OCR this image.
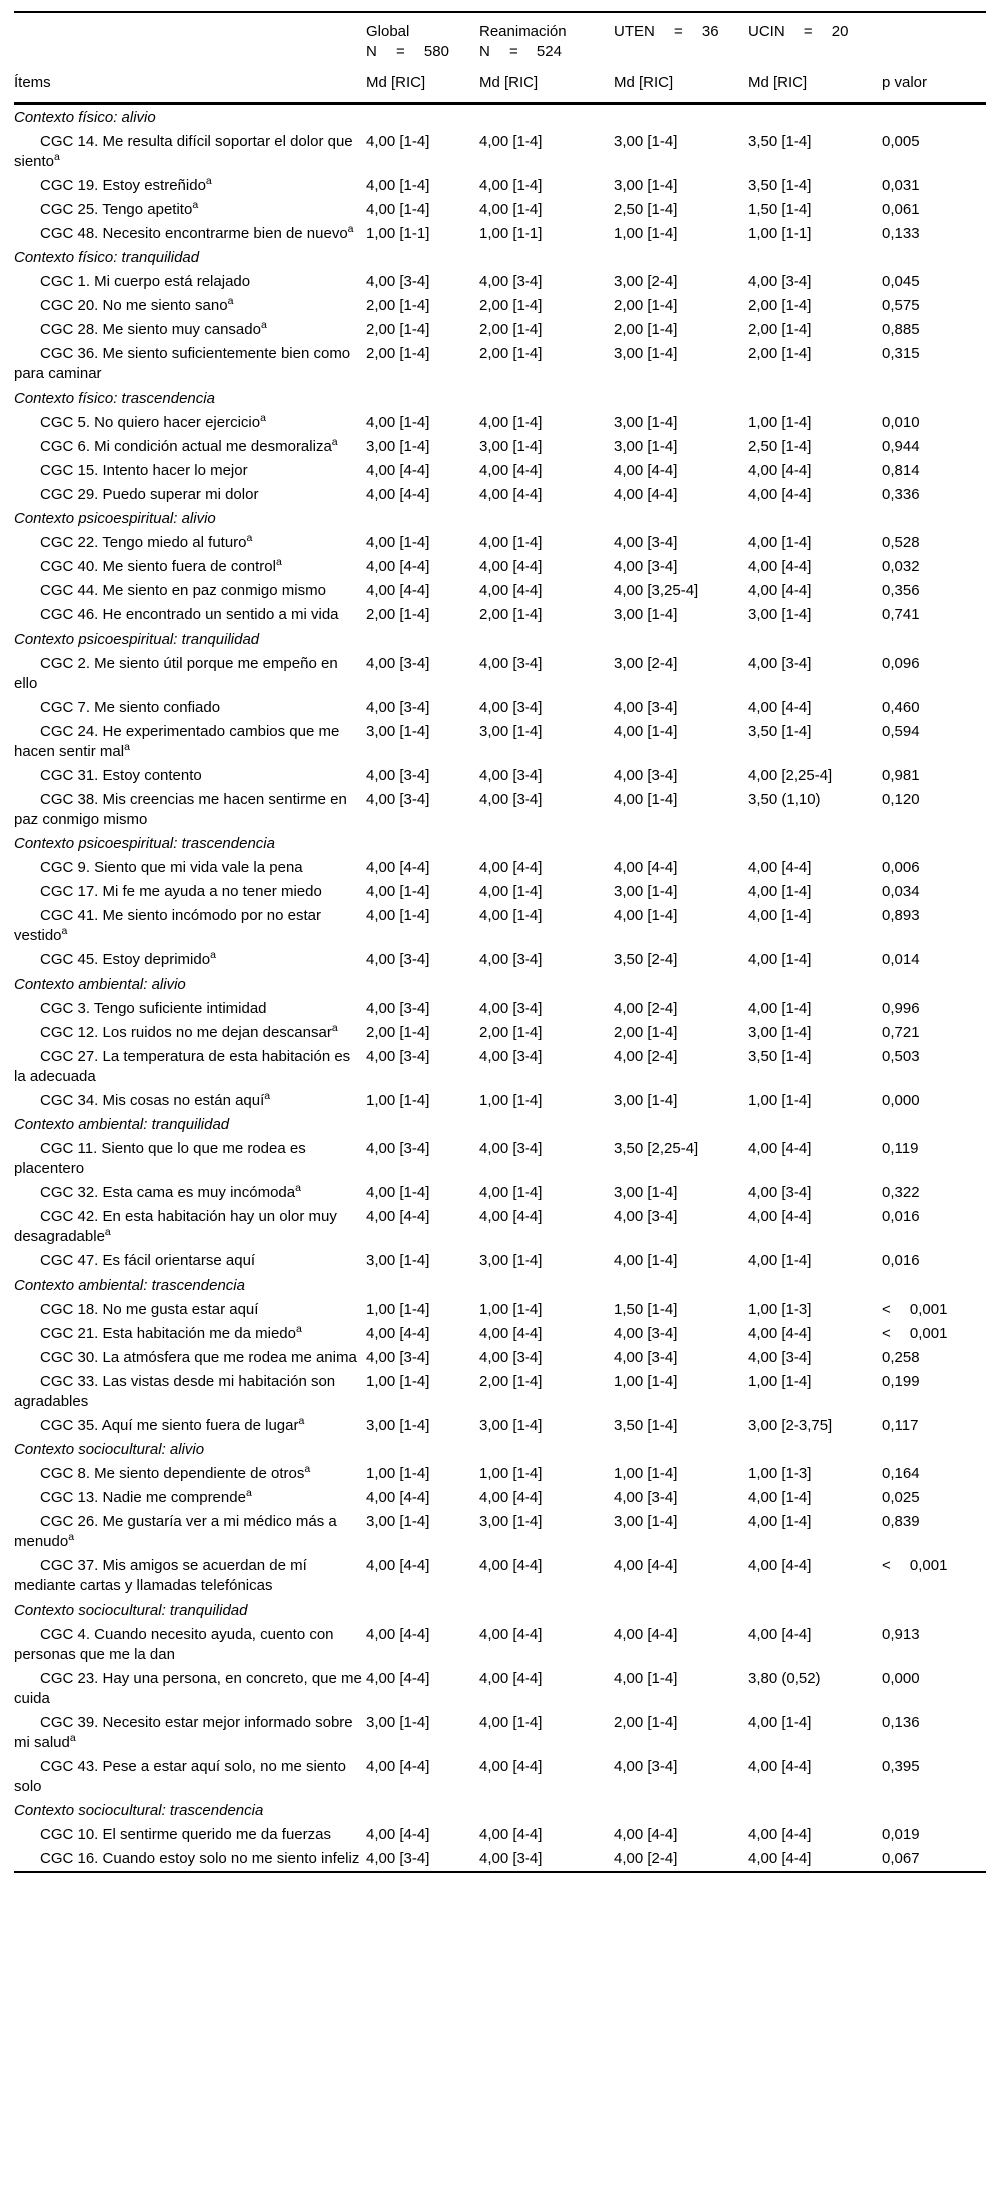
Global
N = 580

Reanimación
N = 524

UTEN = 36	UCIN = 20

Ítems	Md [RIC]	Md [RIC]	Md [RIC]	Md [RIC]	p valor
Contexto físico: alivio					
CGC 14. Me resulta difícil soportar el dolor que siento$^a$	4,00 [1-4]	4,00 [1-4]	3,00 [1-4]	3,50 [1-4]	0,005
CGC 19. Estoy estreñido$^a$	4,00 [1-4]	4,00 [1-4]	3,00 [1-4]	3,50 [1-4]	0,031
CGC 25. Tengo apetito$^a$	4,00 [1-4]	4,00 [1-4]	2,50 [1-4]	1,50 [1-4]	0,061
CGC 48. Necesito encontrarme bien de nuevo$^a$	1,00 [1-1]	1,00 [1-1]	1,00 [1-4]	1,00 [1-1]	0,133
Contexto físico: tranquilidad					
CGC 1. Mi cuerpo está relajado	4,00 [3-4]	4,00 [3-4]	3,00 [2-4]	4,00 [3-4]	0,045
CGC 20. No me siento sano$^a$	2,00 [1-4]	2,00 [1-4]	2,00 [1-4]	2,00 [1-4]	0,575
CGC 28. Me siento muy cansado$^a$	2,00 [1-4]	2,00 [1-4]	2,00 [1-4]	2,00 [1-4]	0,885
CGC 36. Me siento suficientemente bien como para caminar	2,00 [1-4]	2,00 [1-4]	3,00 [1-4]	2,00 [1-4]	0,315
Contexto físico: trascendencia					
CGC 5. No quiero hacer ejercicio$^a$	4,00 [1-4]	4,00 [1-4]	3,00 [1-4]	1,00 [1-4]	0,010
CGC 6. Mi condición actual me desmoraliza$^a$	3,00 [1-4]	3,00 [1-4]	3,00 [1-4]	2,50 [1-4]	0,944
CGC 15. Intento hacer lo mejor	4,00 [4-4]	4,00 [4-4]	4,00 [4-4]	4,00 [4-4]	0,814
CGC 29. Puedo superar mi dolor	4,00 [4-4]	4,00 [4-4]	4,00 [4-4]	4,00 [4-4]	0,336
Contexto psicoespiritual: alivio					
CGC 22. Tengo miedo al futuro$^a$	4,00 [1-4]	4,00 [1-4]	4,00 [3-4]	4,00 [1-4]	0,528
CGC 40. Me siento fuera de control$^a$	4,00 [4-4]	4,00 [4-4]	4,00 [3-4]	4,00 [4-4]	0,032
CGC 44. Me siento en paz conmigo mismo	4,00 [4-4]	4,00 [4-4]	4,00 [3,25-4]	4,00 [4-4]	0,356
CGC 46. He encontrado un sentido a mi vida	2,00 [1-4]	2,00 [1-4]	3,00 [1-4]	3,00 [1-4]	0,741
Contexto psicoespiritual: tranquilidad					
CGC 2. Me siento útil porque me empeño en ello	4,00 [3-4]	4,00 [3-4]	3,00 [2-4]	4,00 [3-4]	0,096
CGC 7. Me siento confiado	4,00 [3-4]	4,00 [3-4]	4,00 [3-4]	4,00 [4-4]	0,460
CGC 24. He experimentado cambios que me hacen sentir mal$^a$	3,00 [1-4]	3,00 [1-4]	4,00 [1-4]	3,50 [1-4]	0,594
CGC 31. Estoy contento	4,00 [3-4]	4,00 [3-4]	4,00 [3-4]	4,00 [2,25-4]	0,981
CGC 38. Mis creencias me hacen sentirme en paz conmigo mismo	4,00 [3-4]	4,00 [3-4]	4,00 [1-4]	3,50 (1,10)	0,120
Contexto psicoespiritual: trascendencia					
CGC 9. Siento que mi vida vale la pena	4,00 [4-4]	4,00 [4-4]	4,00 [4-4]	4,00 [4-4]	0,006
CGC 17. Mi fe me ayuda a no tener miedo	4,00 [1-4]	4,00 [1-4]	3,00 [1-4]	4,00 [1-4]	0,034
CGC 41. Me siento incómodo por no estar vestido$^a$	4,00 [1-4]	4,00 [1-4]	4,00 [1-4]	4,00 [1-4]	0,893
CGC 45. Estoy deprimido$^a$	4,00 [3-4]	4,00 [3-4]	3,50 [2-4]	4,00 [1-4]	0,014
Contexto ambiental: alivio					
CGC 3. Tengo suficiente intimidad	4,00 [3-4]	4,00 [3-4]	4,00 [2-4]	4,00 [1-4]	0,996
CGC 12. Los ruidos no me dejan descansar$^a$	2,00 [1-4]	2,00 [1-4]	2,00 [1-4]	3,00 [1-4]	0,721
CGC 27. La temperatura de esta habitación es la adecuada	4,00 [3-4]	4,00 [3-4]	4,00 [2-4]	3,50 [1-4]	0,503
CGC 34. Mis cosas no están aquí$^a$	1,00 [1-4]	1,00 [1-4]	3,00 [1-4]	1,00 [1-4]	0,000
Contexto ambiental: tranquilidad					
CGC 11. Siento que lo que me rodea es placentero	4,00 [3-4]	4,00 [3-4]	3,50 [2,25-4]	4,00 [4-4]	0,119
CGC 32. Esta cama es muy incómoda$^a$	4,00 [1-4]	4,00 [1-4]	3,00 [1-4]	4,00 [3-4]	0,322
CGC 42. En esta habitación hay un olor muy desagradable$^a$	4,00 [4-4]	4,00 [4-4]	4,00 [3-4]	4,00 [4-4]	0,016
CGC 47. Es fácil orientarse aquí	3,00 [1-4]	3,00 [1-4]	4,00 [1-4]	4,00 [1-4]	0,016
Contexto ambiental: trascendencia					
CGC 18. No me gusta estar aquí	1,00 [1-4]	1,00 [1-4]	1,50 [1-4]	1,00 [1-3]	< 0,001
CGC 21. Esta habitación me da miedo$^a$	4,00 [4-4]	4,00 [4-4]	4,00 [3-4]	4,00 [4-4]	< 0,001
CGC 30. La atmósfera que me rodea me anima	4,00 [3-4]	4,00 [3-4]	4,00 [3-4]	4,00 [3-4]	0,258
CGC 33. Las vistas desde mi habitación son agradables	1,00 [1-4]	2,00 [1-4]	1,00 [1-4]	1,00 [1-4]	0,199
CGC 35. Aquí me siento fuera de lugar$^a$	3,00 [1-4]	3,00 [1-4]	3,50 [1-4]	3,00 [2-3,75]	0,117
Contexto sociocultural: alivio					
CGC 8. Me siento dependiente de otros$^a$	1,00 [1-4]	1,00 [1-4]	1,00 [1-4]	1,00 [1-3]	0,164
CGC 13. Nadie me comprende$^a$	4,00 [4-4]	4,00 [4-4]	4,00 [3-4]	4,00 [1-4]	0,025
CGC 26. Me gustaría ver a mi médico más a menudo$^a$	3,00 [1-4]	3,00 [1-4]	3,00 [1-4]	4,00 [1-4]	0,839
CGC 37. Mis amigos se acuerdan de mí mediante cartas y llamadas telefónicas	4,00 [4-4]	4,00 [4-4]	4,00 [4-4]	4,00 [4-4]	< 0,001
Contexto sociocultural: tranquilidad					
CGC 4. Cuando necesito ayuda, cuento con personas que me la dan	4,00 [4-4]	4,00 [4-4]	4,00 [4-4]	4,00 [4-4]	0,913
CGC 23. Hay una persona, en concreto, que me cuida	4,00 [4-4]	4,00 [4-4]	4,00 [1-4]	3,80 (0,52)	0,000
CGC 39. Necesito estar mejor informado sobre mi salud$^a$	3,00 [1-4]	4,00 [1-4]	2,00 [1-4]	4,00 [1-4]	0,136
CGC 43. Pese a estar aquí solo, no me siento solo	4,00 [4-4]	4,00 [4-4]	4,00 [3-4]	4,00 [4-4]	0,395
Contexto sociocultural: trascendencia					
CGC 10. El sentirme querido me da fuerzas	4,00 [4-4]	4,00 [4-4]	4,00 [4-4]	4,00 [4-4]	0,019
CGC 16. Cuando estoy solo no me siento infeliz	4,00 [3-4]	4,00 [3-4]	4,00 [2-4]	4,00 [4-4]	0,067
